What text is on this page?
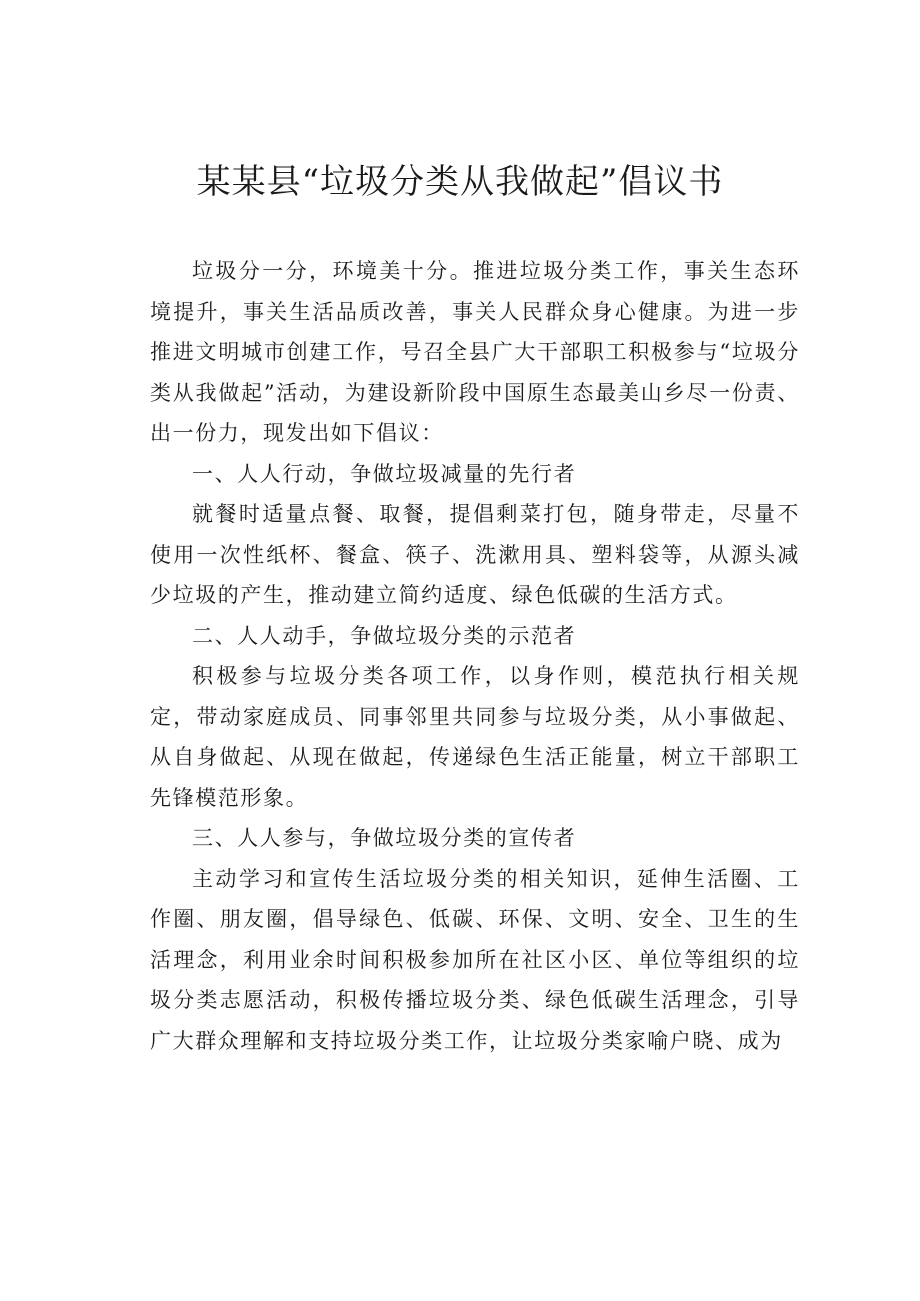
某某县“垃圾分类从我做起”倡议书

垃圾分一分，环境美十分。推进垃圾分类工作，事关生态环境提升，事关生活品质改善，事关人民群众身心健康。为进一步推进文明城市创建工作，号召全县广大干部职工积极参与“垃圾分类从我做起”活动，为建设新阶段中国原生态最美山乡尽一份责、出一份力，现发出如下倡议：

一、人人行动，争做垃圾减量的先行者

就餐时适量点餐、取餐，提倡剩菜打包，随身带走，尽量不使用一次性纸杯、餐盒、筷子、洗漱用具、塑料袋等，从源头减少垃圾的产生，推动建立简约适度、绿色低碳的生活方式。

二、人人动手，争做垃圾分类的示范者

积极参与垃圾分类各项工作，以身作则，模范执行相关规定，带动家庭成员、同事邻里共同参与垃圾分类，从小事做起、从自身做起、从现在做起，传递绿色生活正能量，树立干部职工先锋模范形象。

三、人人参与，争做垃圾分类的宣传者

主动学习和宣传生活垃圾分类的相关知识，延伸生活圈、工作圈、朋友圈，倡导绿色、低碳、环保、文明、安全、卫生的生活理念，利用业余时间积极参加所在社区小区、单位等组织的垃圾分类志愿活动，积极传播垃圾分类、绿色低碳生活理念，引导广大群众理解和支持垃圾分类工作，让垃圾分类家喻户晓、成为
